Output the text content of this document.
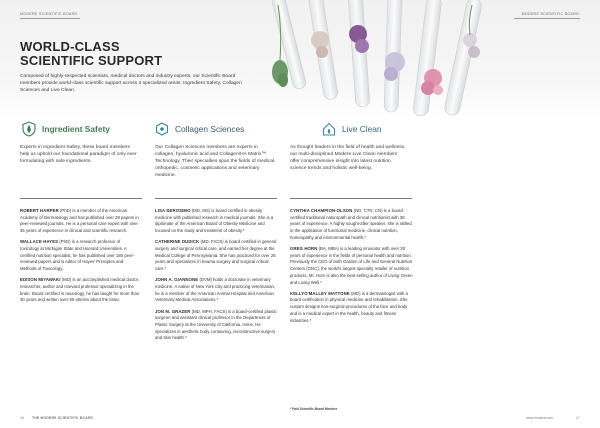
MODERE SCIENTIFIC BOARD	MODERE SCIENTIFIC BOARD
WORLD-CLASS
SCIENTIFIC SUPPORT
Composed of highly-respected scientists, medical doctors and industry experts, our Scientific Board members provide world-class scientific support across 3 specialized areas: Ingredient Safety, Collagen Sciences and Live Clean.
Ingredient Safety	Collagen Sciences	Live Clean
Experts in Ingredient Safety, these board members help us uphold our foundational paradigm of only ever formulating with safe ingredients.
Our Collagen Sciences members are experts in collagen, hyaluronic acid and Collagen/HA Matrix™ Technology. Their specialties span the fields of medical, orthopedic, cosmetic applications and veterinary medicine.
As thought leaders in the field of health and wellness, our multi-disciplined Modere Live Clean members offer comprehensive insight into latest nutrition science trends and holistic well-being.
ROBERT HARPER (PhD) is a member of the American Academy of Dermatology and has published over 38 papers in peer-reviewed journals. He is a personal care expert with over 35 years of experience in clinical and scientific research.
WALLACE HAYES (PhD) is a research professor of toxicology at Michigan State and Harvard Universities. A certified nutrition specialist, he has published over 180 peer-reviewed papers and is editor of Hayes' Principles and Methods of Toxicology.
EDISON MIYAWAKI (MD) is an accomplished medical doctor, researcher, author and Harvard professor specializing in the brain. Board certified in neurology, he has taught for more than 30 years and written over 60 articles about the brain.
LISA DEROSIMO (MD, MS) is board certified in obesity medicine with published research in medical journals. She is a diplomate of the American Board of Obesity Medicine and focused on the study and treatment of obesity.*
CATHERINE DUDICK (MD, FACS) is board certified in general surgery and surgical critical care, and earned her degree at the Medical College of Pennsylvania. She has practiced for over 25 years and specializes in trauma surgery and surgical critical care.*
JOHN A. GIANNONE (DVM) holds a doctorate in veterinary medicine. A native of New York City and practicing veterinarian, he is a member of the American Animal Hospital and American Veterinary Medical Associations.*
JON M. GRAZER (MD, MPH, FACS) is a board-certified plastic surgeon and assistant clinical professor in the Department of Plastic Surgery at the University of California, Irvine. He specializes in aesthetic body contouring, reconstructive surgery and skin health.*
CYNTHIA CHAMPION-OLSON (ND, CTN, CN) is a board-certified traditional naturopath and clinical nutritionist with 35 years of experience. A highly sought-after speaker, she is skilled in the application of functional medicine, clinical nutrition, homeopathy and environmental health.*
GREG HORN (BA, MBA) is a leading innovator with over 30 years of experience in the fields of personal health and nutrition. Previously the CEO of both Garden of Life and General Nutrition Centers (GNC), the world's largest specialty retailer of nutrition products, Mr. Horn is also the best-selling author of Living Green and Living Well.*
KELLYO'MALLEY MATTONE (MD) is a dermatologist with a board certification in physical medicine and rehabilitation. She custom designs non-surgical procedures of the face and body and is a medical expert in the health, beauty and fitness industries.*
* Paid Scientific Board Member
16 THE MODERE SCIENTIFIC BOARD	www.modere.com	17
